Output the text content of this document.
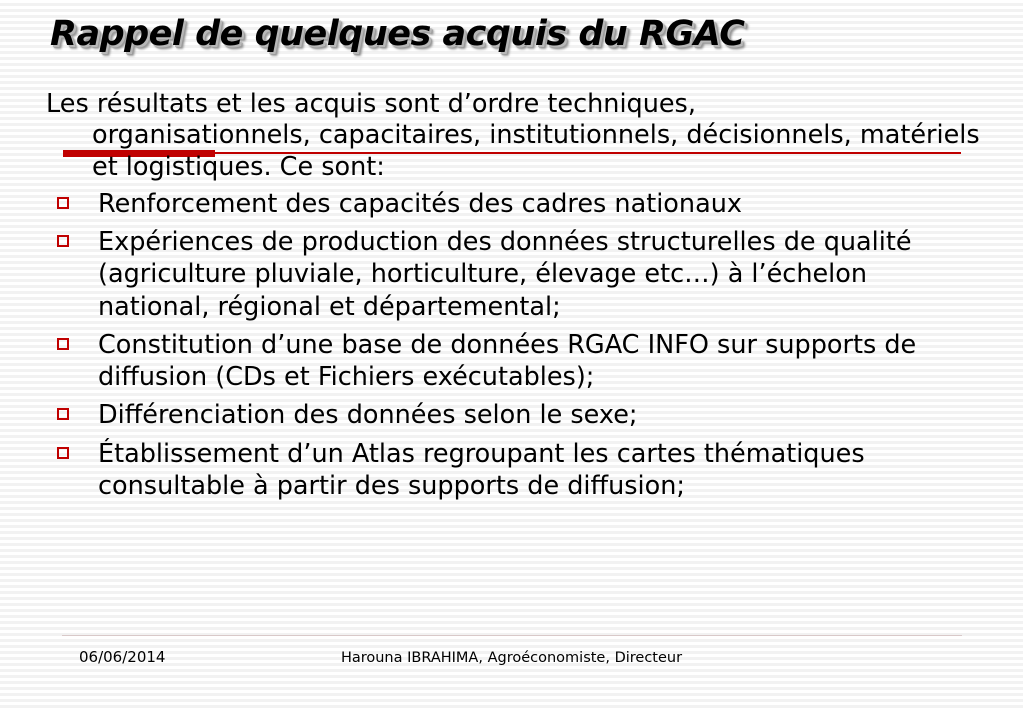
Rappel de quelques acquis du RGAC

Les résultats et les acquis sont d’ordre techniques,
organisationnels, capacitaires, institutionnels, décisionnels, matériels et logistiques. Ce sont:

Renforcement des capacités des cadres nationaux
Expériences de production des données structurelles de qualité (agriculture pluviale, horticulture, élevage etc…) à l’échelon national, régional et départemental;
Constitution d’une base de données RGAC INFO sur supports de diffusion (CDs et Fichiers exécutables);
Différenciation des données selon le sexe;
Établissement d’un Atlas regroupant les cartes thématiques consultable à partir des supports de diffusion;
06/06/2014	Harouna IBRAHIMA, Agroéconomiste, Directeur
